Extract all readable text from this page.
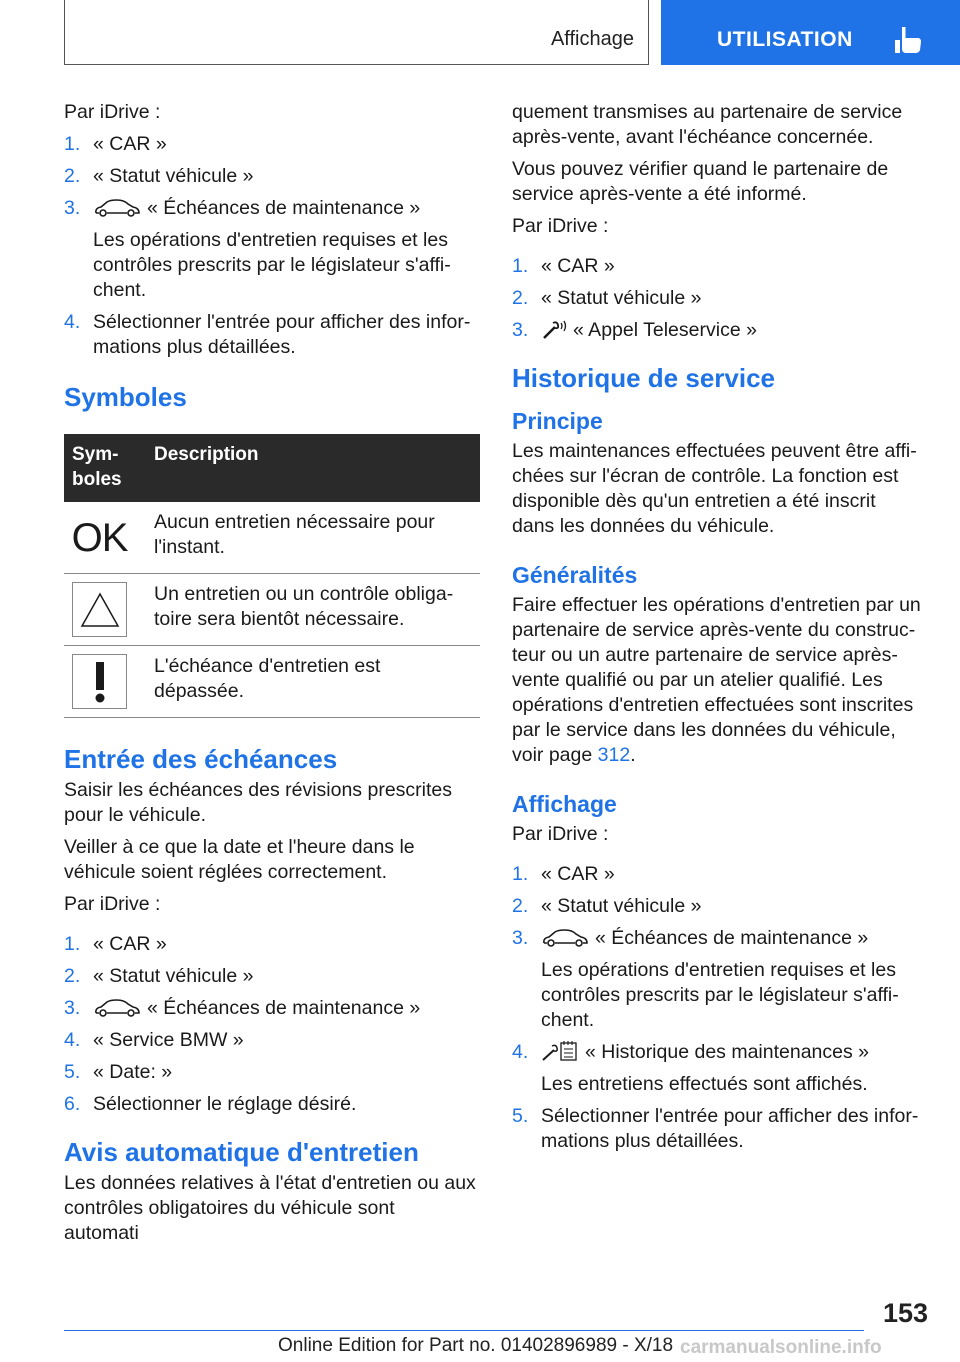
Affichage	UTILISATION

Par iDrive :

1. « CAR »
2. « Statut véhicule »
3.	« Échéances de maintenance »
Les opérations d'entretien requises et les contrôles prescrits par le législateur s'affichent.
4. Sélectionner l'entrée pour afficher des informations plus détaillées.
Symboles
Symboles	Description

OK	Aucun entretien nécessaire pour l'instant.

	Un entretien ou un contrôle obligatoire sera bientôt nécessaire.

	L'échéance d'entretien est dépassée.
Entrée des échéances

Saisir les échéances des révisions prescrites pour le véhicule.

Veiller à ce que la date et l'heure dans le véhicule soient réglées correctement.

Par iDrive :

1. « CAR »
2. « Statut véhicule »
3.	« Échéances de maintenance »
4. « Service BMW »
5. « Date: »
6. Sélectionner le réglage désiré.
Avis automatique d'entretien

Les données relatives à l'état d'entretien ou aux contrôles obligatoires du véhicule sont automati

quement transmises au partenaire de service après-vente, avant l'échéance concernée.

Vous pouvez vérifier quand le partenaire de service après-vente a été informé.

Par iDrive :

1. « CAR »
2. « Statut véhicule »
3. « Appel Teleservice »
Historique de service
Principe

Les maintenances effectuées peuvent être affichées sur l'écran de contrôle. La fonction est disponible dès qu'un entretien a été inscrit dans les données du véhicule.

Généralités

Faire effectuer les opérations d'entretien par un partenaire de service après-vente du constructeur ou un autre partenaire de service après-vente qualifié ou par un atelier qualifié. Les opérations d'entretien effectuées sont inscrites par le service dans les données du véhicule, voir page 312.

Affichage

Par iDrive :

1. « CAR »
2. « Statut véhicule »
3.	« Échéances de maintenance »
Les opérations d'entretien requises et les contrôles prescrits par le législateur s'affichent.
4.	« Historique des maintenances »
Les entretiens effectués sont affichés.
5. Sélectionner l'entrée pour afficher des informations plus détaillées.
153
Online Edition for Part no. 01402896989 - X/18 carmanualsonline.info
